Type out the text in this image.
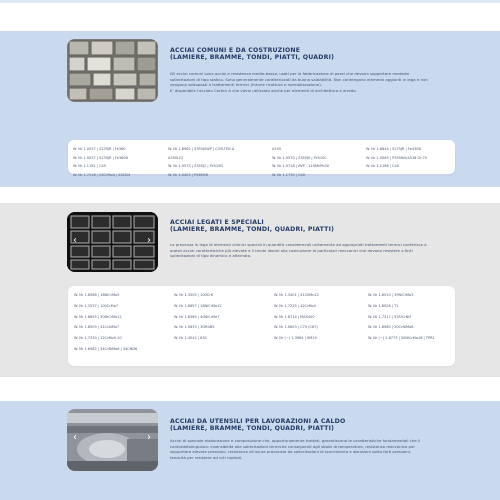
ACCIAI COMUNI E DA COSTRUZIONE
(LAMIERE, BRAMME, TONDI, PIATTI, QUADRI)
Gli acciai comuni sono acciai a resistenza medio-bassa, usati per la fabbricazione di pezzi che devono sopportare modeste
sollecitazioni di tipo statico. Sono generalmente caratterizzati da buona saldabilità. Non contengono elementi aggiunti in lega e non
vengono sottoposti a trattamenti termici (tranne ricottura e normalizzazione).
E' disponibile l'acciaio Corten A che viene utilizzato anche per elementi di architettura e arredo.
W. Nr 1.0037 | S235JR | Fe360
W. Nr 1.0037 | S235JR | Fe360B
W. Nr 1.1191 | C45
W. Nr 1.7218 | 25CrMo4 | 25CD4
W. Nr 1.8962 | S355J0WP | COR-TEN A
A350LF2
W. Nr 1.0575 | S355J2 | Fe510D
W. Nr 1.0425 | P265GH
A105
W. Nr 1.0570 | S355J0 | Fe510C
W. Nr 1.0718 | AVP - 11SMnPb30
W. Nr 1.1730 | C45
W. Nr 1.8844 | S275JR | Fe430B
W. Nr 1.0565 | P355NH/A516 Gr.70
W. Nr 1.1186 | C40
‹	›
ACCIAI LEGATI E SPECIALI
(LAMIERE, BRAMME, TONDI, QUADRI, PIATTI)
La presenza in lega di elementi chimici speciali in quantità considerevoli unitamente ad appropriati trattamenti termici conferisce a
questi acciai caratteristiche più elevate e li rende idonei alla costruzione di particolari meccanici che devono resistere a forti
sollecitazioni di tipo dinamico e alternato.
W. Nr 1.6588 | 18NiCrMo5
W. Nr 1.3537 | 100CrMo7
W. Nr 1.6655 | 30NiCrMo12
W. Nr 1.8509 | 41CrAlMo7
W. Nr 1.7330 | 12CrMo9-10
W. Nr 1.6582 | 34CrNiMo6 | 34CND6
W. Nr 1.3505 | 100Cr6
W. Nr 1.6657 | 18NiCrMo12
W. Nr 1.6565 | 40NiCrMo7
W. Nr 1.5633 | 30MnB5
W. Nr 1.4542 | 630
W. Nr 1.3401 | X120Mn12
W. Nr 1.7225 | 42CrMo4
W. Nr 1.8714 | MAX400
W. Nr 1.0603 | C70 (C67)
W. Nr (~) 1.3964 | XM19
W. Nr 1.6510 | 39NiCrMo3
W. Nr 1.8928 | T1
W. Nr 1.7317 | 52SiCrNi5
W. Nr 1.8980 | 30CrNiMo8
W. Nr (~) 1.6773 | 30NiCrMo16 | TPR1
‹	›
ACCIAI DA UTENSILI PER LAVORAZIONI A CALDO
(LAMIERE, BRAMME, TONDI, QUADRI, PIATTI)
Acciai di speciale elaborazione e composizione che, opportunamente trattati, garantiscono le caratteristiche fondamentali che li
contraddistinguono: insensibilità alle sollecitazioni termiche conseguenti agli sbalzi di temperatura, resistenza meccanica per
sopportare elevate pressioni, resistenza all'usura provocata da sollecitazioni di scorrimento e abrasioni sotto forti pressioni,
tenacità per resistere ad urti ripetuti.
